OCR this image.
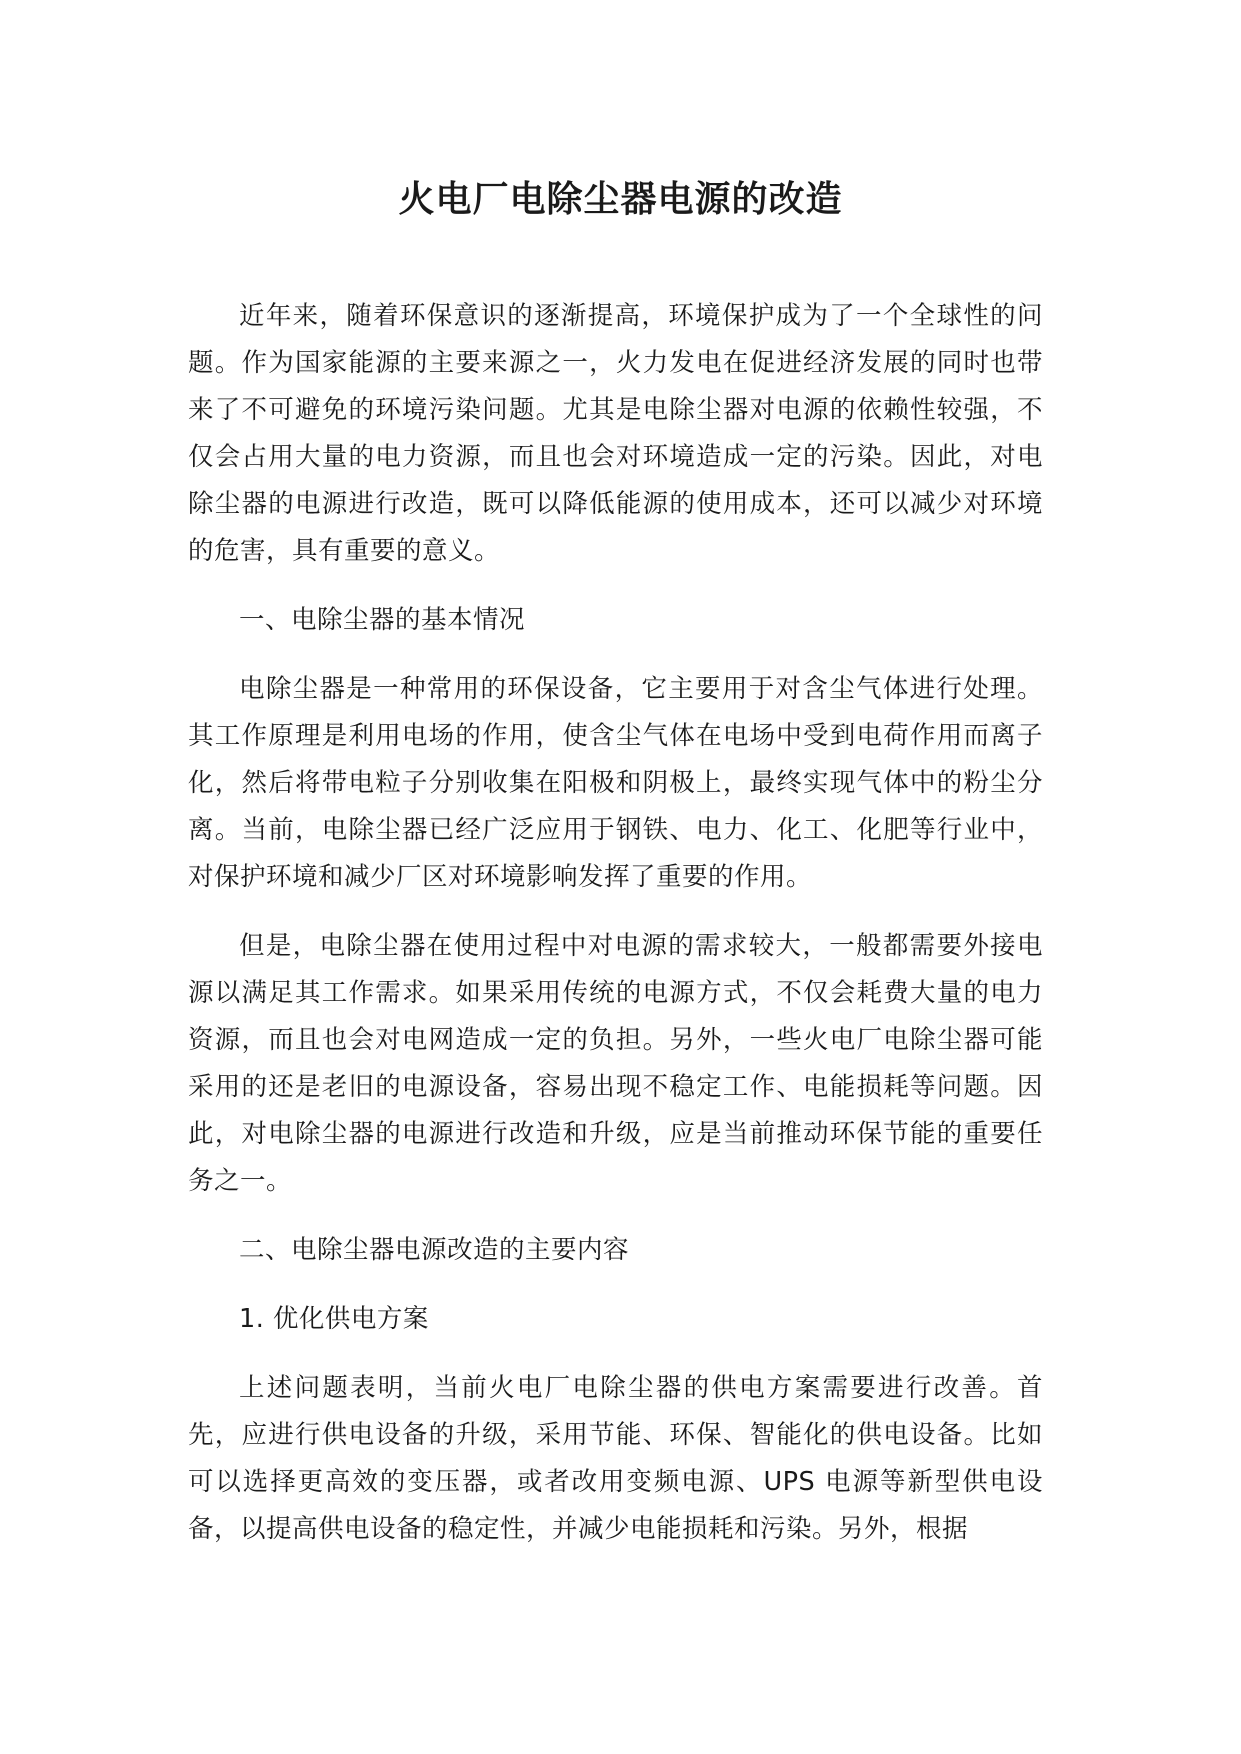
火电厂电除尘器电源的改造

近年来，随着环保意识的逐渐提高，环境保护成为了一个全球性的问题。作为国家能源的主要来源之一，火力发电在促进经济发展的同时也带来了不可避免的环境污染问题。尤其是电除尘器对电源的依赖性较强，不仅会占用大量的电力资源，而且也会对环境造成一定的污染。因此，对电除尘器的电源进行改造，既可以降低能源的使用成本，还可以减少对环境的危害，具有重要的意义。

一、电除尘器的基本情况

电除尘器是一种常用的环保设备，它主要用于对含尘气体进行处理。其工作原理是利用电场的作用，使含尘气体在电场中受到电荷作用而离子化，然后将带电粒子分别收集在阳极和阴极上，最终实现气体中的粉尘分离。当前，电除尘器已经广泛应用于钢铁、电力、化工、化肥等行业中，对保护环境和减少厂区对环境影响发挥了重要的作用。

但是，电除尘器在使用过程中对电源的需求较大，一般都需要外接电源以满足其工作需求。如果采用传统的电源方式，不仅会耗费大量的电力资源，而且也会对电网造成一定的负担。另外，一些火电厂电除尘器可能采用的还是老旧的电源设备，容易出现不稳定工作、电能损耗等问题。因此，对电除尘器的电源进行改造和升级，应是当前推动环保节能的重要任务之一。

二、电除尘器电源改造的主要内容

1. 优化供电方案

上述问题表明，当前火电厂电除尘器的供电方案需要进行改善。首先，应进行供电设备的升级，采用节能、环保、智能化的供电设备。比如可以选择更高效的变压器，或者改用变频电源、UPS 电源等新型供电设备，以提高供电设备的稳定性，并减少电能损耗和污染。另外，根据
